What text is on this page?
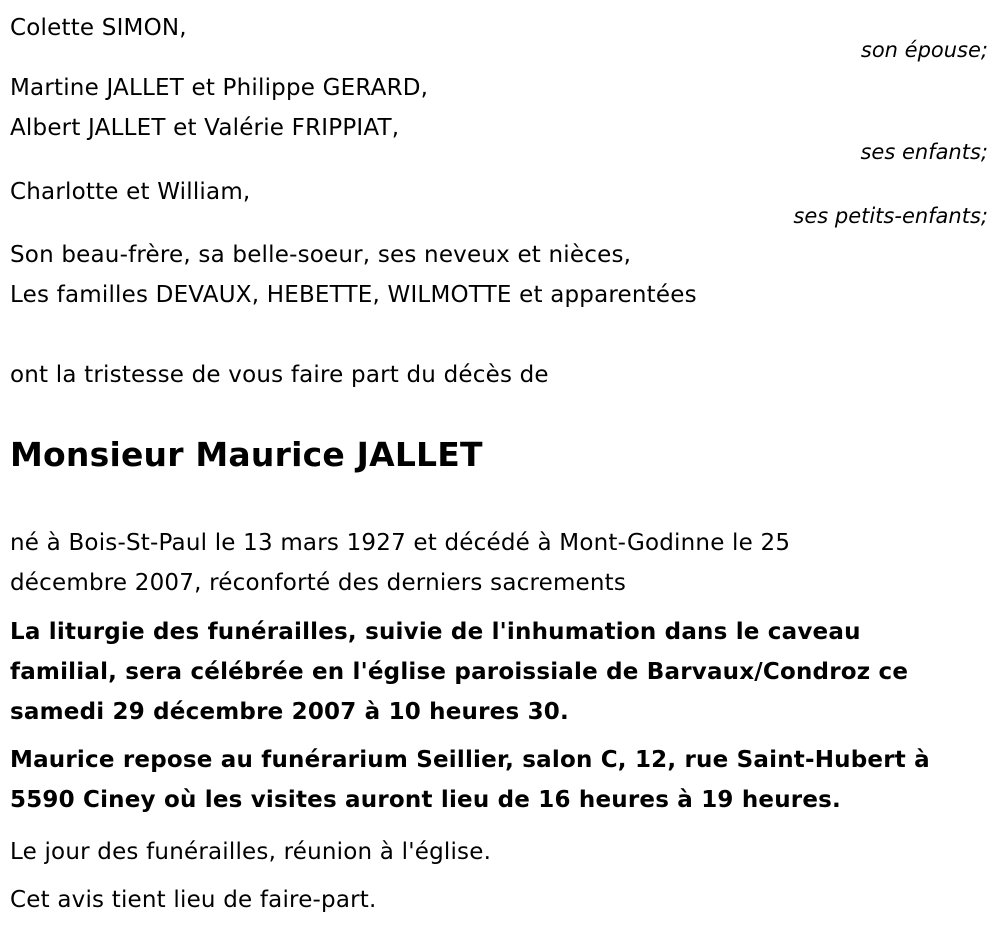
Colette SIMON,
son épouse;
Martine JALLET et Philippe GERARD,
Albert JALLET et Valérie FRIPPIAT,
ses enfants;
Charlotte et William,
ses petits-enfants;
Son beau-frère, sa belle-soeur, ses neveux et nièces,
Les familles DEVAUX, HEBETTE, WILMOTTE et apparentées
ont la tristesse de vous faire part du décès de
Monsieur Maurice JALLET
né à Bois-St-Paul le 13 mars 1927 et décédé à Mont-Godinne le 25
décembre 2007, réconforté des derniers sacrements
La liturgie des funérailles, suivie de l'inhumation dans le caveau
familial, sera célébrée en l'église paroissiale de Barvaux/Condroz ce
samedi 29 décembre 2007 à 10 heures 30.
Maurice repose au funérarium Seillier, salon C, 12, rue Saint-Hubert à
5590 Ciney où les visites auront lieu de 16 heures à 19 heures.
Le jour des funérailles, réunion à l'église.
Cet avis tient lieu de faire-part.
